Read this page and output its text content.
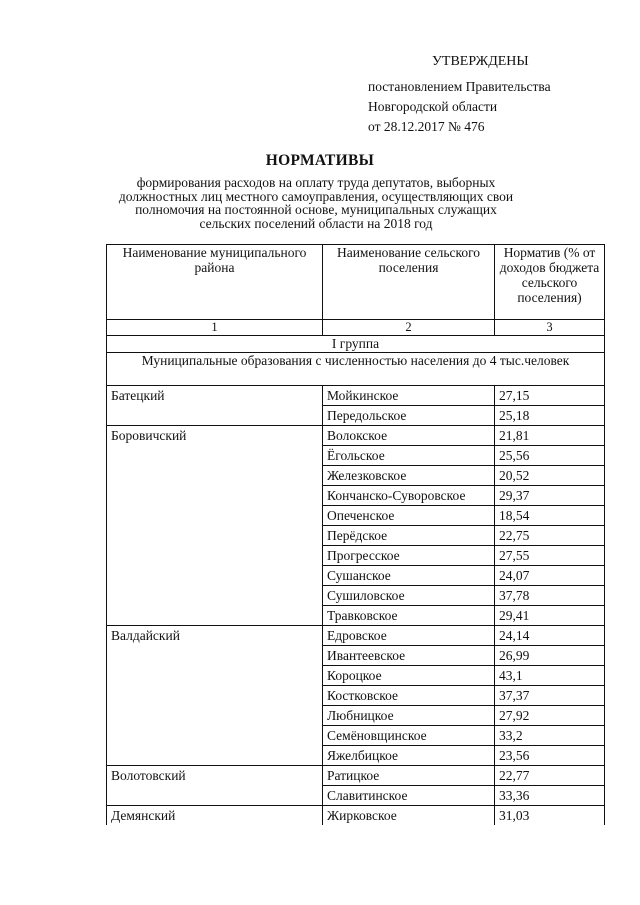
УТВЕРЖДЕНЫ
постановлением Правительства
Новгородской области
от 28.12.2017 № 476
НОРМАТИВЫ
формирования расходов на оплату труда депутатов, выборных должностных лиц местного самоуправления, осуществляющих свои полномочия на постоянной основе, муниципальных служащих сельских поселений области на 2018 год
Наименование муниципального района	Наименование сельского поселения	Норматив (% от доходов бюджета сельского поселения)
1	2	3
I группа		
Муниципальные образования с численностью населения до 4 тыс.человек		
Батецкий	Мойкинское	27,15
	Передольское	25,18
Боровичский	Волокское	21,81
	Ёгольское	25,56
	Железковское	20,52
	Кончанско-Суворовское	29,37
	Опеченское	18,54
	Перёдское	22,75
	Прогресское	27,55
	Сушанское	24,07
	Сушиловское	37,78
	Травковское	29,41
Валдайский	Едровское	24,14
	Ивантеевское	26,99
	Короцкое	43,1
	Костковское	37,37
	Любницкое	27,92
	Семёновщинское	33,2
	Яжелбицкое	23,56
Волотовский	Ратицкое	22,77
	Славитинское	33,36
Демянский	Жирковское	31,03
